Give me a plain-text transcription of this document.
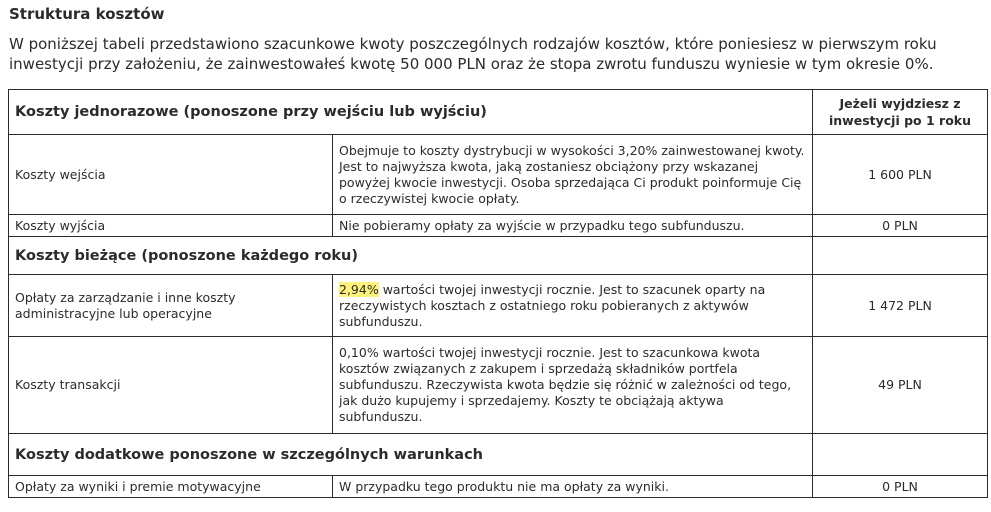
Struktura kosztów
W poniższej tabeli przedstawiono szacunkowe kwoty poszczególnych rodzajów kosztów, które poniesiesz w pierwszym roku inwestycji przy założeniu, że zainwestowałeś kwotę 50 000 PLN oraz że stopa zwrotu funduszu wyniesie w tym okresie 0%.
Koszty jednorazowe (ponoszone przy wejściu lub wyjściu)		Jeżeli wyjdziesz z inwestycji po 1 roku
Koszty wejścia	Obejmuje to koszty dystrybucji w wysokości 3,20% zainwestowanej kwoty. Jest to najwyższa kwota, jaką zostaniesz obciążony przy wskazanej powyżej kwocie inwestycji. Osoba sprzedająca Ci produkt poinformuje Cię o rzeczywistej kwocie opłaty.	1 600 PLN
Koszty wyjścia	Nie pobieramy opłaty za wyjście w przypadku tego subfunduszu.	0 PLN
Koszty bieżące (ponoszone każdego roku)		
Opłaty za zarządzanie i inne koszty administracyjne lub operacyjne	2,94% wartości twojej inwestycji rocznie. Jest to szacunek oparty na rzeczywistych kosztach z ostatniego roku pobieranych z aktywów subfunduszu.	1 472 PLN
Koszty transakcji	0,10% wartości twojej inwestycji rocznie. Jest to szacunkowa kwota kosztów związanych z zakupem i sprzedażą składników portfela subfunduszu. Rzeczywista kwota będzie się różnić w zależności od tego, jak dużo kupujemy i sprzedajemy. Koszty te obciążają aktywa subfunduszu.	49 PLN
Koszty dodatkowe ponoszone w szczególnych warunkach		
Opłaty za wyniki i premie motywacyjne	W przypadku tego produktu nie ma opłaty za wyniki.	0 PLN
